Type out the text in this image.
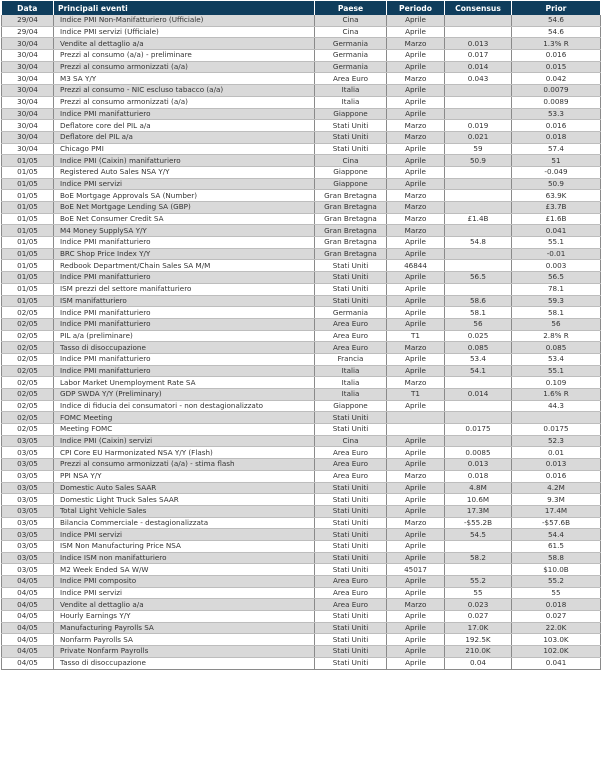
Data	Principali eventi	Paese	Periodo	Consensus	Prior
29/04	Indice PMI Non-Manifatturiero (Ufficiale)	Cina	Aprile		54.6
29/04	Indice PMI servizi (Ufficiale)	Cina	Aprile		54.6
30/04	Vendite al dettaglio a/a	Germania	Marzo	0.013	1.3% R
30/04	Prezzi al consumo (a/a) - preliminare	Germania	Aprile	0.017	0.016
30/04	Prezzi al consumo armonizzati (a/a)	Germania	Aprile	0.014	0.015
30/04	M3 SA Y/Y	Area Euro	Marzo	0.043	0.042
30/04	Prezzi al consumo - NIC escluso tabacco (a/a)	Italia	Aprile		0.0079
30/04	Prezzi al consumo armonizzati (a/a)	Italia	Aprile		0.0089
30/04	Indice PMI manifatturiero	Giappone	Aprile		53.3
30/04	Deflatore core del PIL a/a	Stati Uniti	Marzo	0.019	0.016
30/04	Deflatore del PIL a/a	Stati Uniti	Marzo	0.021	0.018
30/04	Chicago PMI	Stati Uniti	Aprile	59	57.4
01/05	Indice PMI (Caixin) manifatturiero	Cina	Aprile	50.9	51
01/05	Registered Auto Sales NSA Y/Y	Giappone	Aprile		-0.049
01/05	Indice PMI servizi	Giappone	Aprile		50.9
01/05	BoE Mortgage Approvals SA (Number)	Gran Bretagna	Marzo		63.9K
01/05	BoE Net Mortgage Lending SA (GBP)	Gran Bretagna	Marzo		£3.7B
01/05	BoE Net Consumer Credit SA	Gran Bretagna	Marzo	£1.4B	£1.6B
01/05	M4 Money SupplySA Y/Y	Gran Bretagna	Marzo		0.041
01/05	Indice PMI manifatturiero	Gran Bretagna	Aprile	54.8	55.1
01/05	BRC Shop Price Index Y/Y	Gran Bretagna	Aprile		-0.01
01/05	Redbook Department/Chain Sales SA M/M	Stati Uniti	46844		0.003
01/05	Indice PMI manifatturiero	Stati Uniti	Aprile	56.5	56.5
01/05	ISM prezzi del settore manifatturiero	Stati Uniti	Aprile		78.1
01/05	ISM manifatturiero	Stati Uniti	Aprile	58.6	59.3
02/05	Indice PMI manifatturiero	Germania	Aprile	58.1	58.1
02/05	Indice PMI manifatturiero	Area Euro	Aprile	56	56
02/05	PIL a/a (preliminare)	Area Euro	T1	0.025	2.8% R
02/05	Tasso di disoccupazione	Area Euro	Marzo	0.085	0.085
02/05	Indice PMI manifatturiero	Francia	Aprile	53.4	53.4
02/05	Indice PMI manifatturiero	Italia	Aprile	54.1	55.1
02/05	Labor Market Unemployment Rate SA	Italia	Marzo		0.109
02/05	GDP SWDA Y/Y (Preliminary)	Italia	T1	0.014	1.6% R
02/05	Indice di fiducia dei consumatori - non destagionalizzato	Giappone	Aprile		44.3
02/05	FOMC Meeting	Stati Uniti			
02/05	Meeting FOMC	Stati Uniti		0.0175	0.0175
03/05	Indice PMI (Caixin) servizi	Cina	Aprile		52.3
03/05	CPI Core EU Harmonizated NSA Y/Y (Flash)	Area Euro	Aprile	0.0085	0.01
03/05	Prezzi al consumo armonizzati (a/a) - stima flash	Area Euro	Aprile	0.013	0.013
03/05	PPI NSA Y/Y	Area Euro	Marzo	0.018	0.016
03/05	Domestic Auto Sales SAAR	Stati Uniti	Aprile	4.8M	4.2M
03/05	Domestic Light Truck Sales SAAR	Stati Uniti	Aprile	10.6M	9.3M
03/05	Total Light Vehicle Sales	Stati Uniti	Aprile	17.3M	17.4M
03/05	Bilancia Commerciale - destagionalizzata	Stati Uniti	Marzo	-$55.2B	-$57.6B
03/05	Indice PMI servizi	Stati Uniti	Aprile	54.5	54.4
03/05	ISM Non Manufacturing Price NSA	Stati Uniti	Aprile		61.5
03/05	Indice ISM non manifatturiero	Stati Uniti	Aprile	58.2	58.8
03/05	M2 Week Ended SA W/W	Stati Uniti	45017		$10.0B
04/05	Indice PMI composito	Area Euro	Aprile	55.2	55.2
04/05	Indice PMI servizi	Area Euro	Aprile	55	55
04/05	Vendite al dettaglio a/a	Area Euro	Marzo	0.023	0.018
04/05	Hourly Earnings Y/Y	Stati Uniti	Aprile	0.027	0.027
04/05	Manufacturing Payrolls SA	Stati Uniti	Aprile	17.0K	22.0K
04/05	Nonfarm Payrolls SA	Stati Uniti	Aprile	192.5K	103.0K
04/05	Private Nonfarm Payrolls	Stati Uniti	Aprile	210.0K	102.0K
04/05	Tasso di disoccupazione	Stati Uniti	Aprile	0.04	0.041
